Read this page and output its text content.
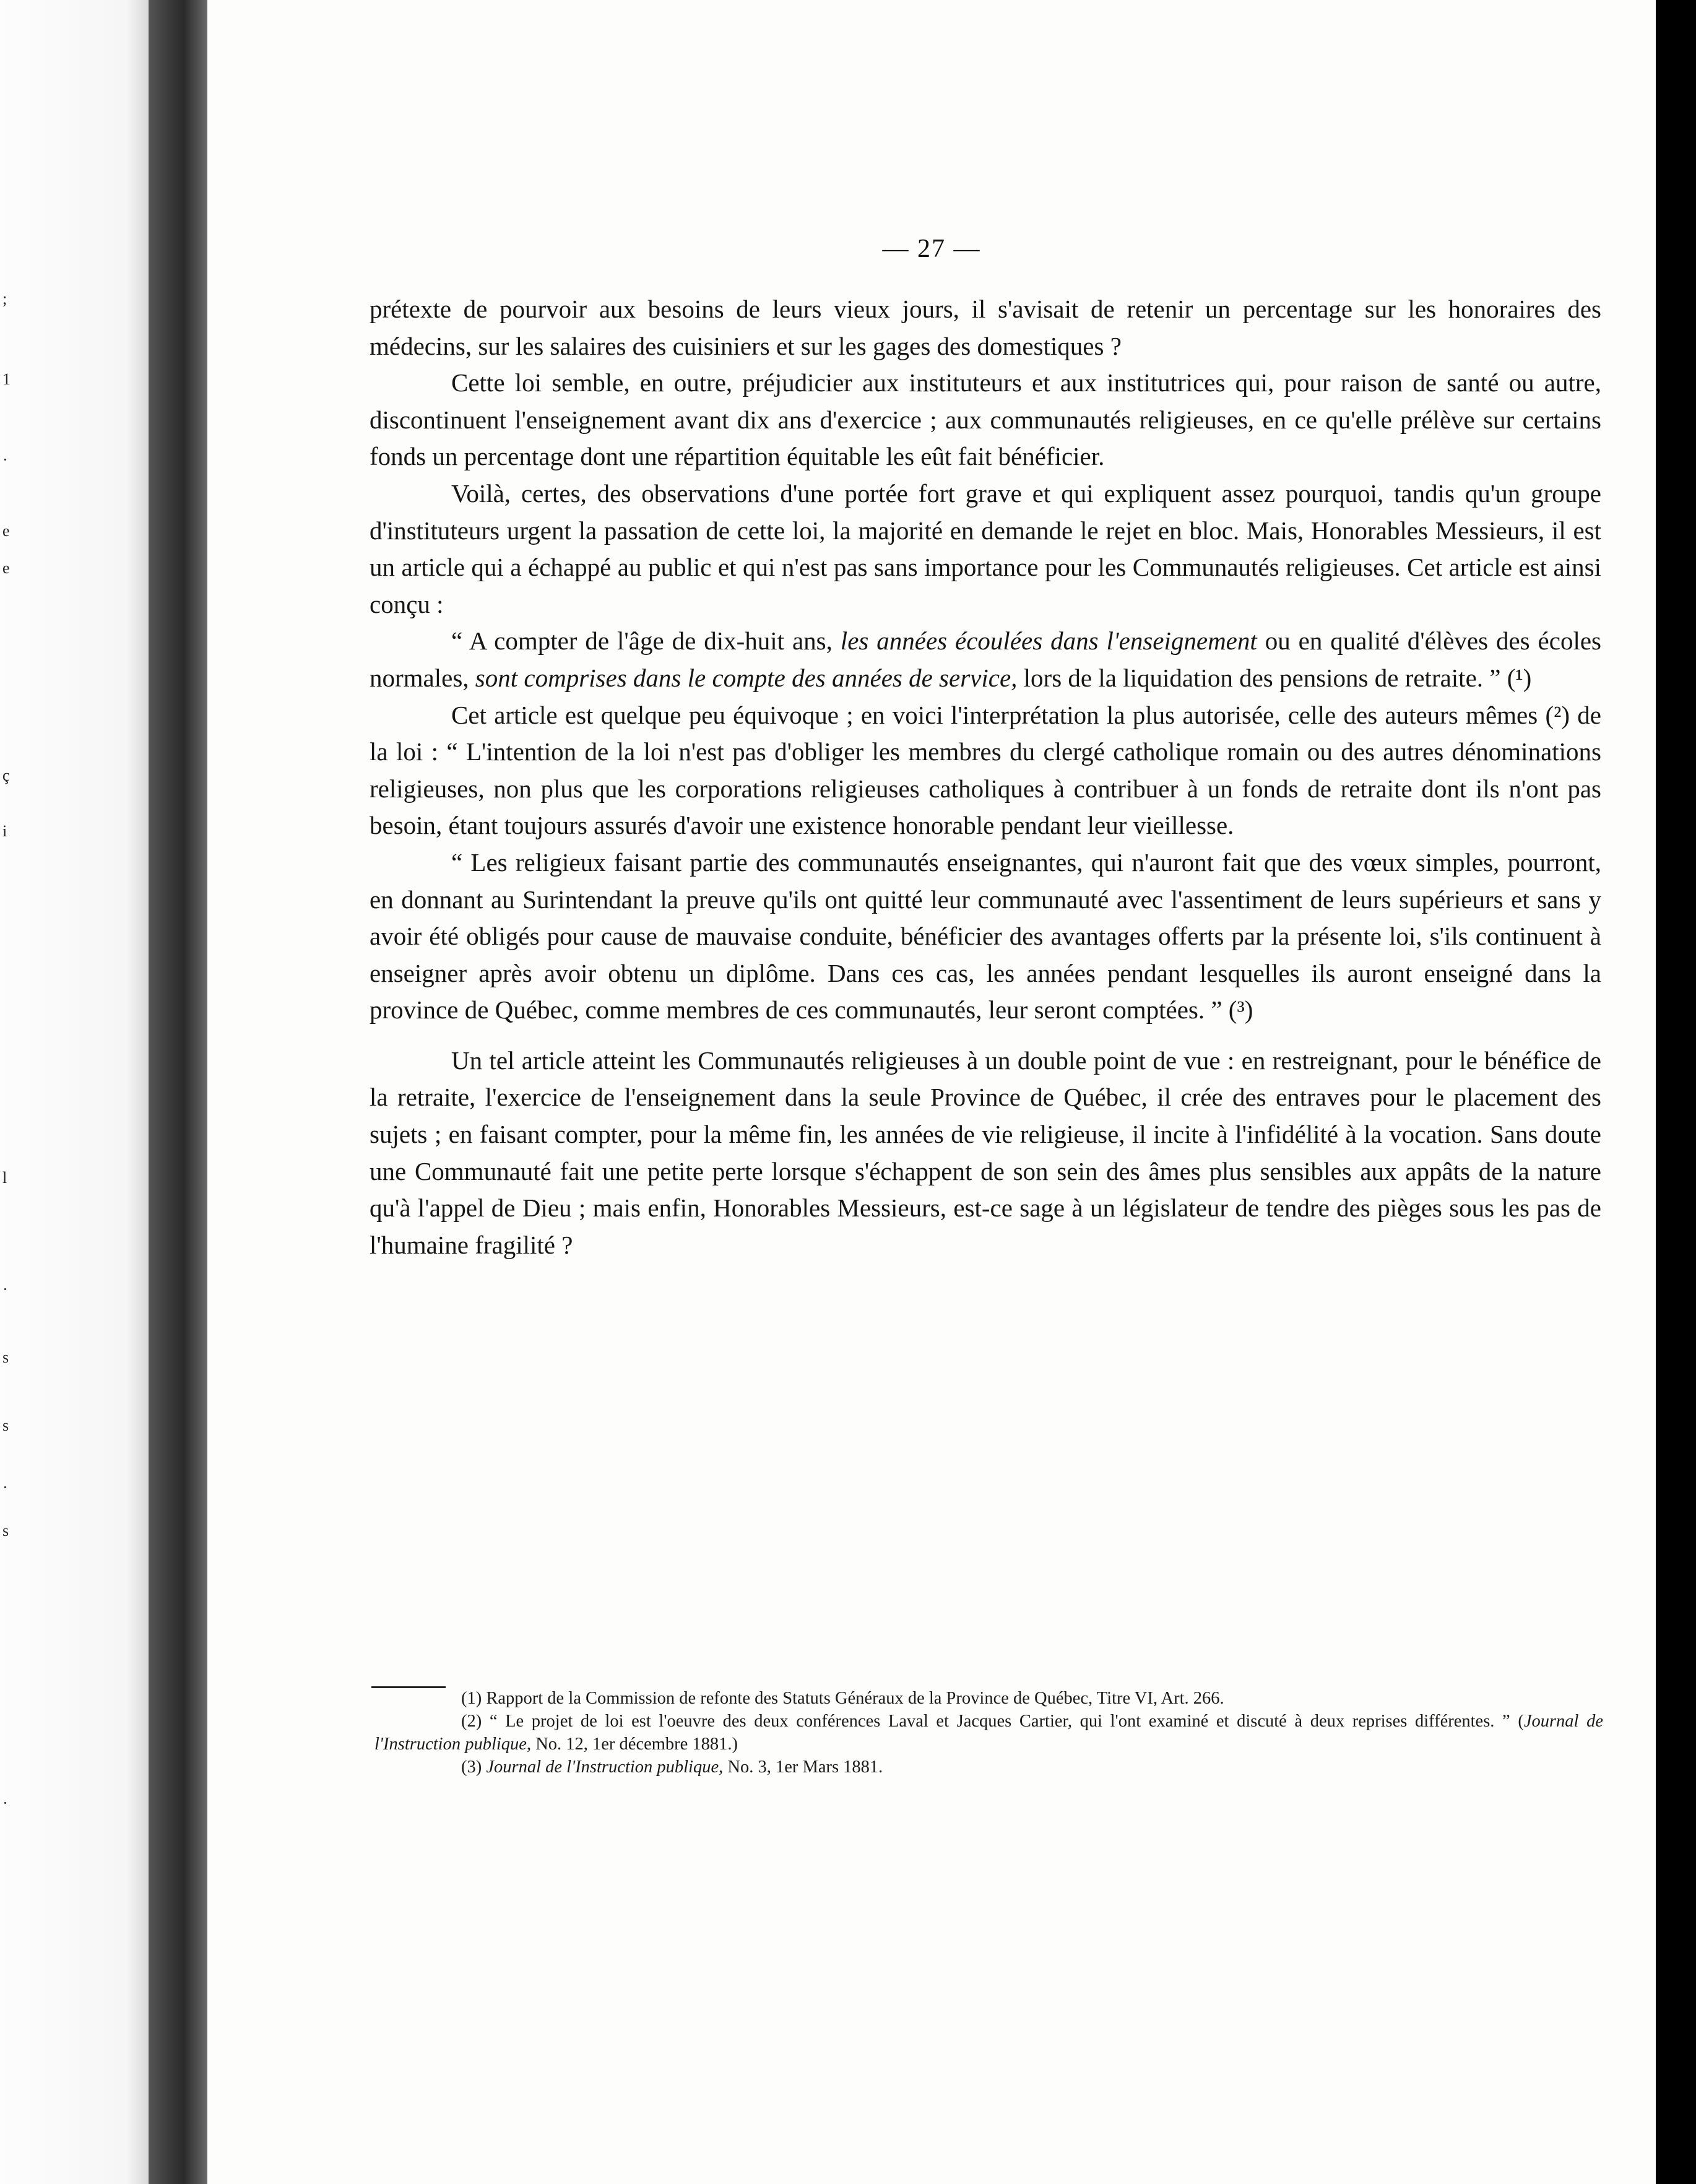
;
1
·
e
e
ç
i
l
·
s
s
·
s
·
— 27 —

prétexte de pourvoir aux besoins de leurs vieux jours, il s'avisait de retenir un percentage sur les honoraires des médecins, sur les salaires des cuisiniers et sur les gages des domestiques ?

Cette loi semble, en outre, préjudicier aux instituteurs et aux institutrices qui, pour raison de santé ou autre, discontinuent l'enseignement avant dix ans d'exercice ; aux communautés religieuses, en ce qu'elle prélève sur certains fonds un percentage dont une répartition équitable les eût fait bénéficier.

Voilà, certes, des observations d'une portée fort grave et qui expliquent assez pourquoi, tandis qu'un groupe d'instituteurs urgent la passation de cette loi, la majorité en demande le rejet en bloc. Mais, Honorables Messieurs, il est un article qui a échappé au public et qui n'est pas sans importance pour les Communautés religieuses. Cet article est ainsi conçu :

“ A compter de l'âge de dix-huit ans, les années écoulées dans l'enseignement ou en qualité d'élèves des écoles normales, sont comprises dans le compte des années de service, lors de la liquidation des pensions de retraite. ” (¹)

Cet article est quelque peu équivoque ; en voici l'interprétation la plus autorisée, celle des auteurs mêmes (²) de la loi : “ L'intention de la loi n'est pas d'obliger les membres du clergé catholique romain ou des autres dénominations religieuses, non plus que les corporations religieuses catholiques à contribuer à un fonds de retraite dont ils n'ont pas besoin, étant toujours assurés d'avoir une existence honorable pendant leur vieillesse.

“ Les religieux faisant partie des communautés enseignantes, qui n'auront fait que des vœux simples, pourront, en donnant au Surintendant la preuve qu'ils ont quitté leur communauté avec l'assentiment de leurs supérieurs et sans y avoir été obligés pour cause de mauvaise conduite, bénéficier des avantages offerts par la présente loi, s'ils continuent à enseigner après avoir obtenu un diplôme. Dans ces cas, les années pendant lesquelles ils auront enseigné dans la province de Québec, comme membres de ces communautés, leur seront comptées. ” (³)

Un tel article atteint les Communautés religieuses à un double point de vue : en restreignant, pour le bénéfice de la retraite, l'exercice de l'enseignement dans la seule Province de Québec, il crée des entraves pour le placement des sujets ; en faisant compter, pour la même fin, les années de vie religieuse, il incite à l'infidélité à la vocation. Sans doute une Communauté fait une petite perte lorsque s'échappent de son sein des âmes plus sensibles aux appâts de la nature qu'à l'appel de Dieu ; mais enfin, Honorables Messieurs, est-ce sage à un législateur de tendre des pièges sous les pas de l'humaine fragilité ?

(1) Rapport de la Commission de refonte des Statuts Généraux de la Province de Québec, Titre VI, Art. 266.

(2) “ Le projet de loi est l'oeuvre des deux conférences Laval et Jacques Cartier, qui l'ont examiné et discuté à deux reprises différentes. ” (Journal de l'Instruction publique, No. 12, 1er décembre 1881.)

(3) Journal de l'Instruction publique, No. 3, 1er Mars 1881.
